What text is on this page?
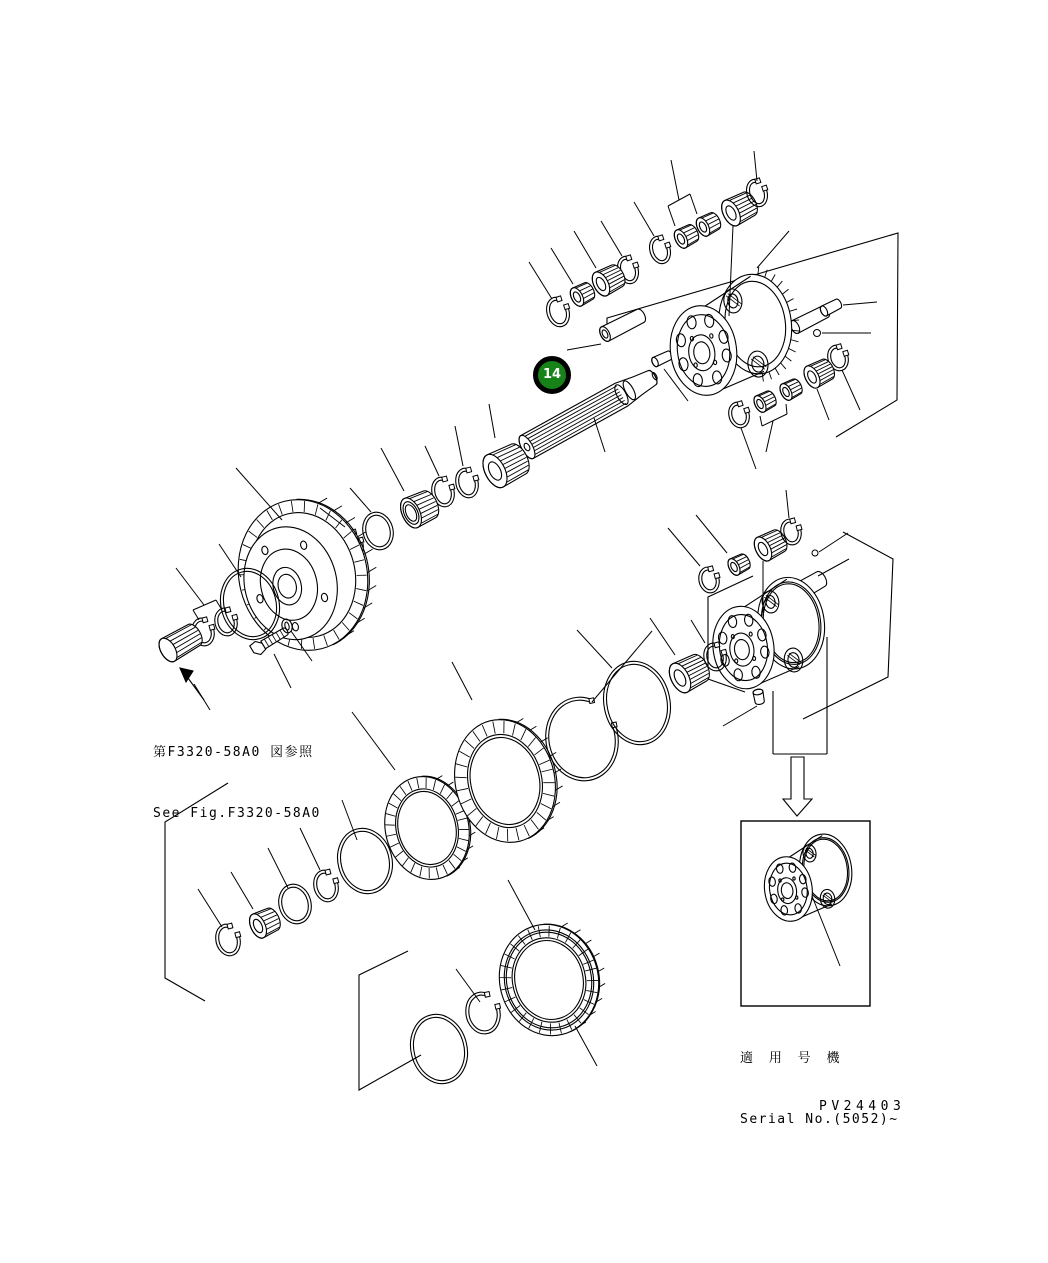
14

第F3320-58A0 図参照

See Fig.F3320-58A0

適 用 号 機

Serial No.(5052)~

PV24403
